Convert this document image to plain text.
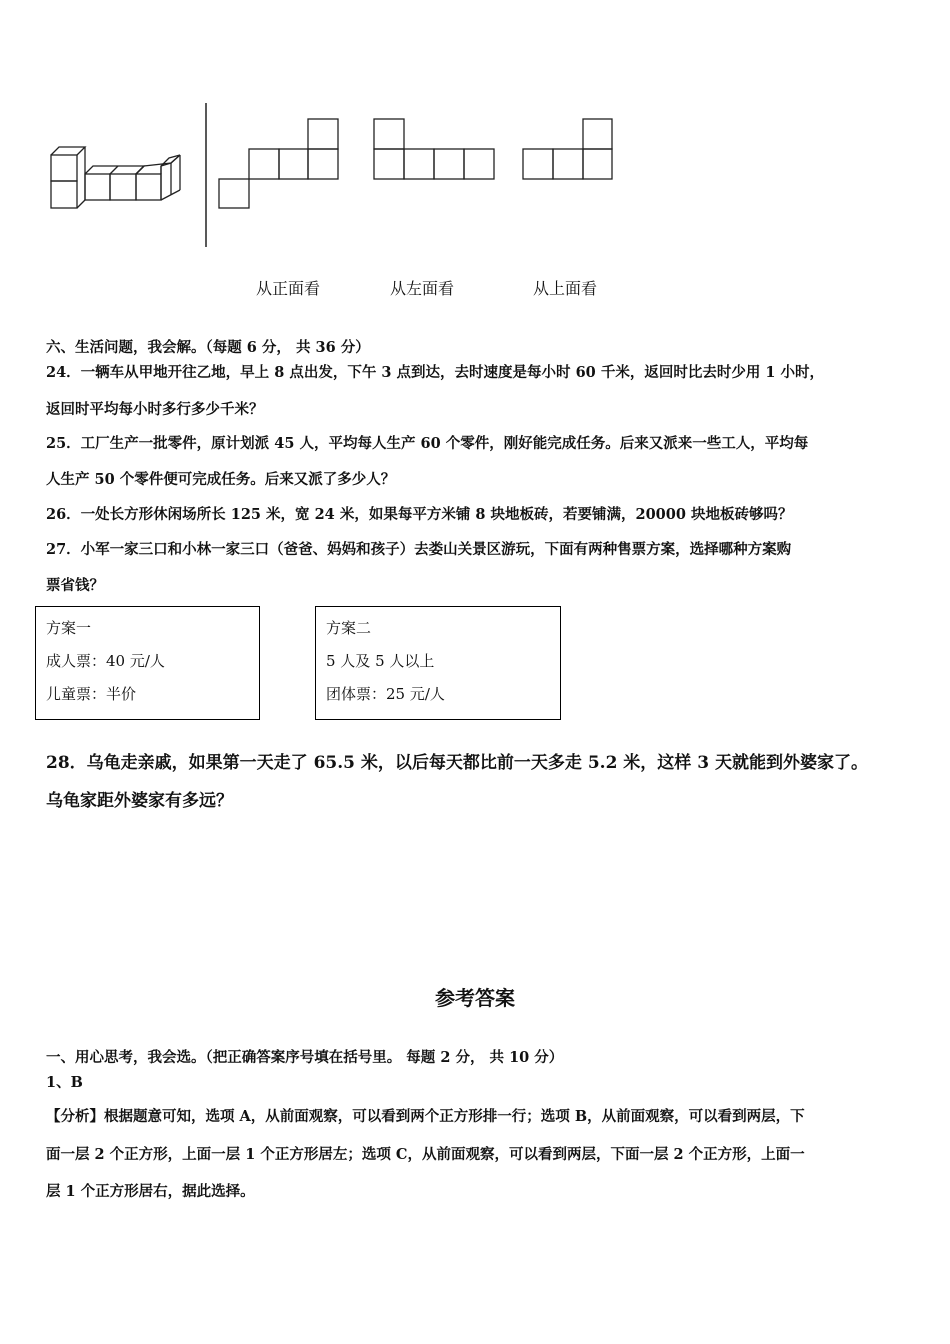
从正面看	从左面看	从上面看
六、生活问题，我会解。（每题 6 分， 共 36 分）
24．一辆车从甲地开往乙地，早上 8 点出发，下午 3 点到达，去时速度是每小时 60 千米，返回时比去时少用 1 小时，
返回时平均每小时多行多少千米？
25．工厂生产一批零件，原计划派 45 人，平均每人生产 60 个零件，刚好能完成任务。后来又派来一些工人，平均每
人生产 50 个零件便可完成任务。后来又派了多少人？
26．一处长方形休闲场所长 125 米，宽 24 米，如果每平方米铺 8 块地板砖，若要铺满，20000 块地板砖够吗？
27．小军一家三口和小林一家三口（爸爸、妈妈和孩子）去娄山关景区游玩，下面有两种售票方案，选择哪种方案购
票省钱？
方案一
成人票：40 元/人
儿童票：半价
方案二
5 人及 5 人以上
团体票：25 元/人
28．乌龟走亲戚，如果第一天走了 65.5 米，以后每天都比前一天多走 5.2 米，这样 3 天就能到外婆家了。
乌龟家距外婆家有多远？
参考答案
一、用心思考，我会选。（把正确答案序号填在括号里。 每题 2 分， 共 10 分）
1、B
【分析】根据题意可知，选项 A，从前面观察，可以看到两个正方形排一行；选项 B，从前面观察，可以看到两层，下
面一层 2 个正方形，上面一层 1 个正方形居左；选项 C，从前面观察，可以看到两层，下面一层 2 个正方形，上面一
层 1 个正方形居右，据此选择。
